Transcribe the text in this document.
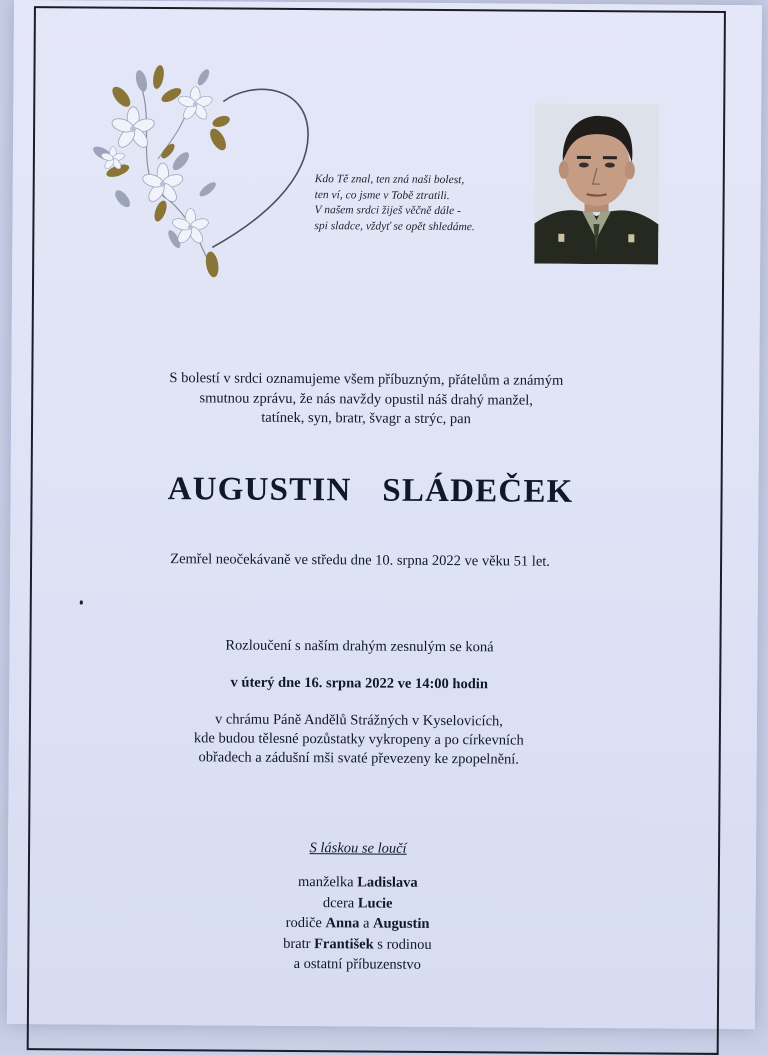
Kdo Tě znal, ten zná naši bolest,
ten ví, co jsme v Tobě ztratili.
V našem srdci žiješ věčně dále -
spi sladce, vždyť se opět shledáme.
S bolestí v srdci oznamujeme všem příbuzným, přátelům a známým
smutnou zprávu, že nás navždy opustil náš drahý manžel,
tatínek, syn, bratr, švagr a strýc, pan
AUGUSTIN  SLÁDEČEK
Zemřel neočekávaně ve středu dne 10. srpna 2022 ve věku 51 let.
Rozloučení s naším drahým zesnulým se koná
v úterý dne 16. srpna 2022 ve 14:00 hodin
v chrámu Páně Andělů Strážných v Kyselovicích,
kde budou tělesné pozůstatky vykropeny a po církevních
obřadech a zádušní mši svaté převezeny ke zpopelnění.
S láskou se loučí
manželka Ladislava
dcera Lucie
rodiče Anna a Augustin
bratr František s rodinou
a ostatní příbuzenstvo
